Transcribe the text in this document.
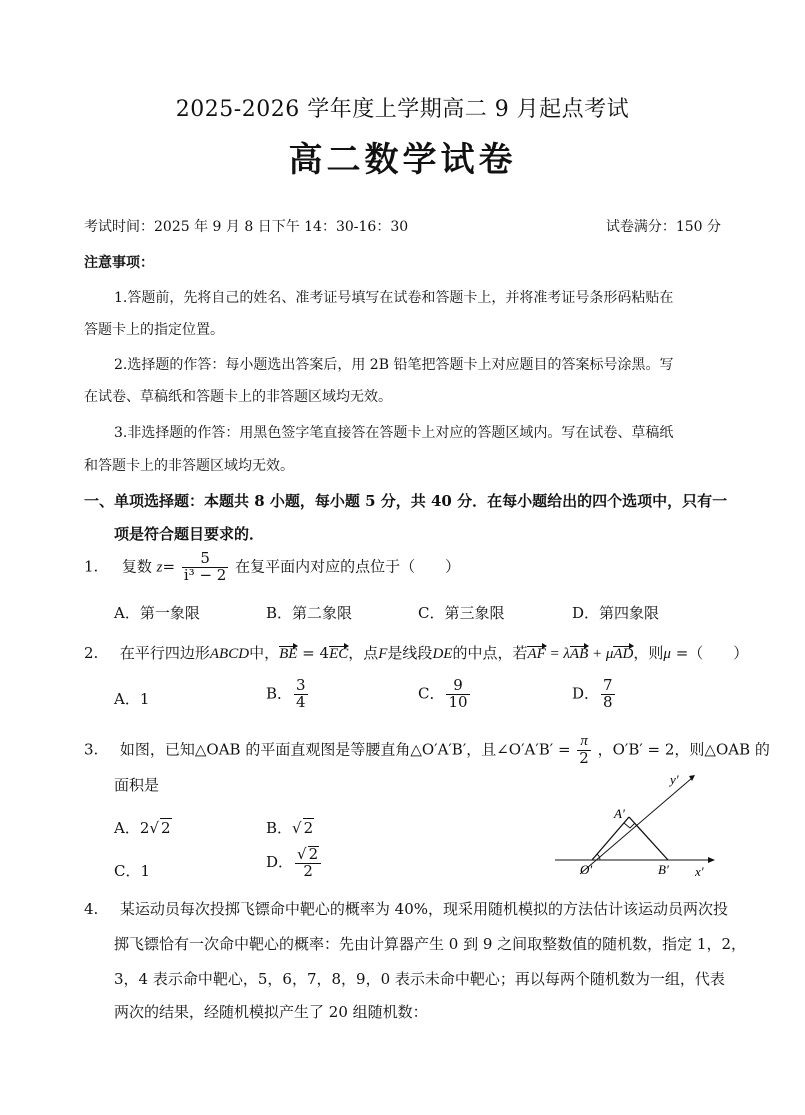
2025-2026 学年度上学期高二 9 月起点考试
高二数学试卷
考试时间：2025 年 9 月 8 日下午 14：30-16：30	试卷满分：150 分
注意事项：
1.答题前，先将自己的姓名、准考证号填写在试卷和答题卡上，并将准考证号条形码粘贴在
答题卡上的指定位置。
2.选择题的作答：每小题选出答案后，用 2B 铅笔把答题卡上对应题目的答案标号涂黑。写
在试卷、草稿纸和答题卡上的非答题区域均无效。
3.非选择题的作答：用黑色签字笔直接答在答题卡上对应的答题区域内。写在试卷、草稿纸
和答题卡上的非答题区域均无效。
一、单项选择题：本题共 8 小题，每小题 5 分，共 40 分．在每小题给出的四个选项中，只有一
项是符合题目要求的．
1. 复数 $z= \frac{5}{\text{i³ − 2}}$ 在复平面内对应的点位于（　　）
A．第一象限	B．第二象限	C．第三象限	D．第四象限
2. 在平行四边形ABCD中，BE = 4EC，点F是线段DE的中点，若AF = λAB + μAD，则μ =（　　）
A．1	B． $\frac{3}{4}$	C． $\frac{9}{10}$	D． $\frac{7}{8}$
3. 如图，已知△OAB 的平面直观图是等腰直角△O′A′B′，且∠O′A′B′ = $\frac{\pi}{2}$ ，O′B′ = 2，则△OAB 的
面积是
A．2√ 2	B．√ 2
C．1
D． $\frac{√ 2}{2}$
y′
x′
O′
A′
B′
4. 某运动员每次投掷飞镖命中靶心的概率为 40%，现采用随机模拟的方法估计该运动员两次投
掷飞镖恰有一次命中靶心的概率：先由计算器产生 0 到 9 之间取整数值的随机数，指定 1，2，
3，4 表示命中靶心，5，6，7，8，9，0 表示未命中靶心；再以每两个随机数为一组，代表
两次的结果，经随机模拟产生了 20 组随机数：
